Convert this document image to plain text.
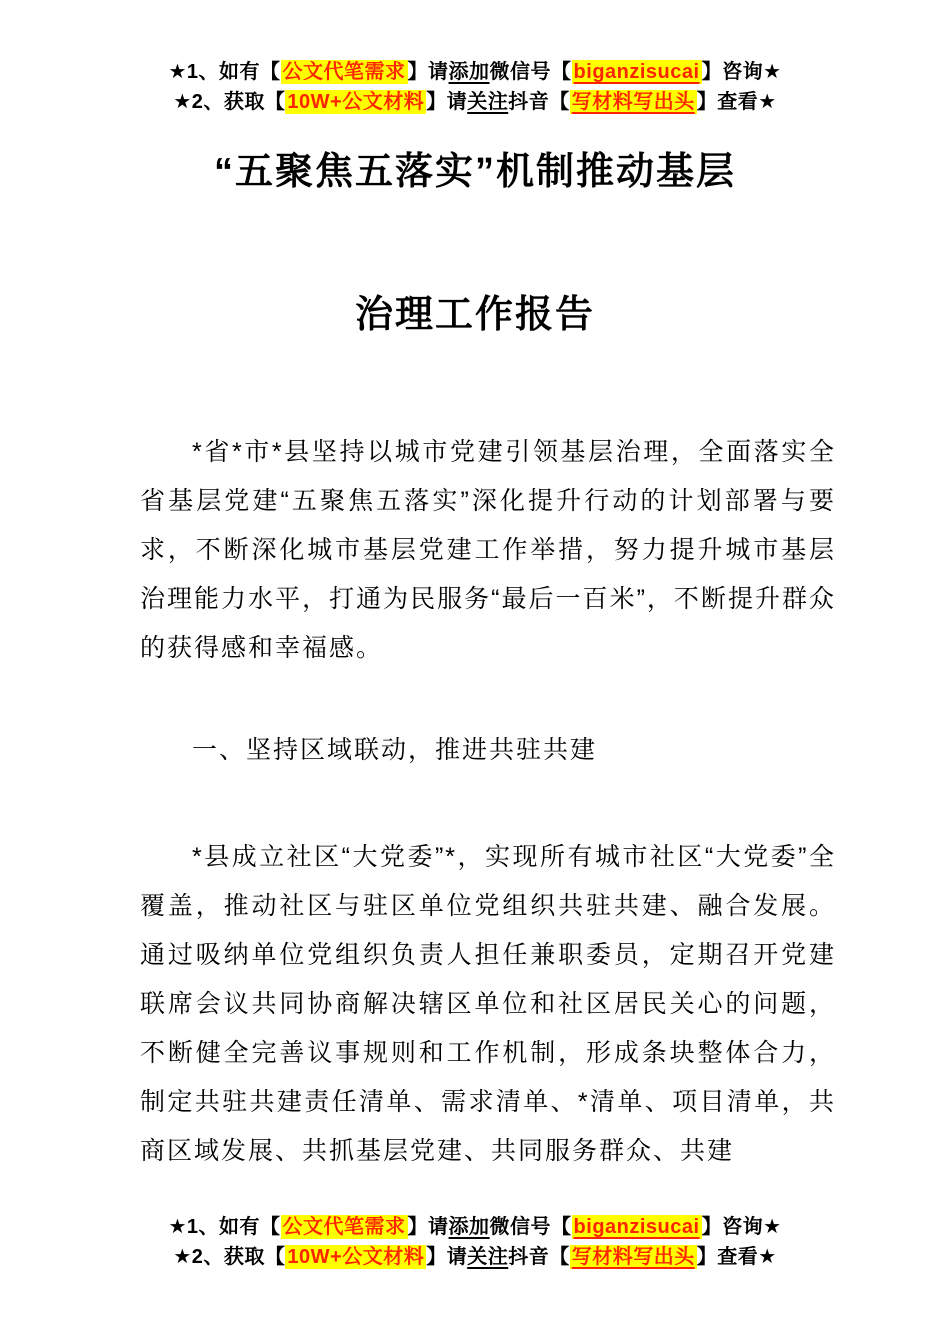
★1、如有【 公文代笔需求 】请添加微信号【 biganzisucai 】咨询★
★2、获取【 10W+公文材料 】请关注抖音【 写材料写出头 】查看★
“五聚焦五落实”机制推动基层
治理工作报告

*省*市*县坚持以城市党建引领基层治理，全面落实全省基层党建“五聚焦五落实”深化提升行动的计划部署与要求，不断深化城市基层党建工作举措，努力提升城市基层治理能力水平，打通为民服务“最后一百米”，不断提升群众的获得感和幸福感。

一、坚持区域联动，推进共驻共建

*县成立社区“大党委”*，实现所有城市社区“大党委”全覆盖，推动社区与驻区单位党组织共驻共建、融合发展。通过吸纳单位党组织负责人担任兼职委员，定期召开党建联席会议共同协商解决辖区单位和社区居民关心的问题，不断健全完善议事规则和工作机制，形成条块整体合力，制定共驻共建责任清单、需求清单、*清单、项目清单，共商区域发展、共抓基层党建、共同服务群众、共建

★1、如有【 公文代笔需求 】请添加微信号【 biganzisucai 】咨询★
★2、获取【 10W+公文材料 】请关注抖音【 写材料写出头 】查看★
